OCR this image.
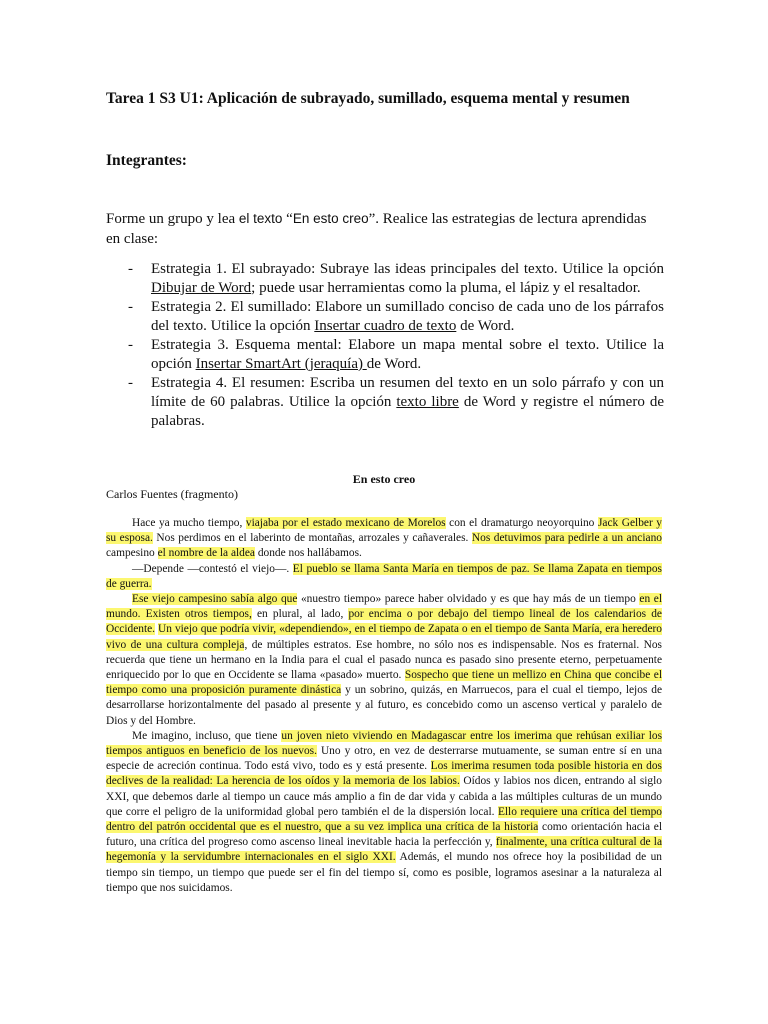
Tarea 1 S3 U1: Aplicación de subrayado, sumillado, esquema mental y resumen
Integrantes:

Forme un grupo y lea el texto “En esto creo”. Realice las estrategias de lectura aprendidas en clase:

- Estrategia 1. El subrayado: Subraye las ideas principales del texto. Utilice la opción Dibujar de Word; puede usar herramientas como la pluma, el lápiz y el resaltador.
- Estrategia 2. El sumillado: Elabore un sumillado conciso de cada uno de los párrafos del texto. Utilice la opción Insertar cuadro de texto de Word.
- Estrategia 3. Esquema mental: Elabore un mapa mental sobre el texto. Utilice la opción Insertar SmartArt (jeraquía) de Word.
- Estrategia 4. El resumen: Escriba un resumen del texto en un solo párrafo y con un límite de 60 palabras. Utilice la opción texto libre de Word y registre el número de palabras.
En esto creo

Carlos Fuentes (fragmento)

Hace ya mucho tiempo, viajaba por el estado mexicano de Morelos con el dramaturgo neoyorquino Jack Gelber y su esposa. Nos perdimos en el laberinto de montañas, arrozales y cañaverales. Nos detuvimos para pedirle a un anciano campesino el nombre de la aldea donde nos hallábamos.

—Depende —contestó el viejo—. El pueblo se llama Santa María en tiempos de paz. Se llama Zapata en tiempos de guerra.

Ese viejo campesino sabía algo que «nuestro tiempo» parece haber olvidado y es que hay más de un tiempo en el mundo. Existen otros tiempos, en plural, al lado, por encima o por debajo del tiempo lineal de los calendarios de Occidente. Un viejo que podría vivir, «dependiendo», en el tiempo de Zapata o en el tiempo de Santa María, era heredero vivo de una cultura compleja, de múltiples estratos. Ese hombre, no sólo nos es indispensable. Nos es fraternal. Nos recuerda que tiene un hermano en la India para el cual el pasado nunca es pasado sino presente eterno, perpetuamente enriquecido por lo que en Occidente se llama «pasado» muerto. Sospecho que tiene un mellizo en China que concibe el tiempo como una proposición puramente dinástica y un sobrino, quizás, en Marruecos, para el cual el tiempo, lejos de desarrollarse horizontalmente del pasado al presente y al futuro, es concebido como un ascenso vertical y paralelo de Dios y del Hombre.

Me imagino, incluso, que tiene un joven nieto viviendo en Madagascar entre los imerima que rehúsan exiliar los tiempos antiguos en beneficio de los nuevos. Uno y otro, en vez de desterrarse mutuamente, se suman entre sí en una especie de acreción continua. Todo está vivo, todo es y está presente. Los imerima resumen toda posible historia en dos declives de la realidad: La herencia de los oídos y la memoria de los labios. Oídos y labios nos dicen, entrando al siglo XXI, que debemos darle al tiempo un cauce más amplio a fin de dar vida y cabida a las múltiples culturas de un mundo que corre el peligro de la uniformidad global pero también el de la dispersión local. Ello requiere una crítica del tiempo dentro del patrón occidental que es el nuestro, que a su vez implica una crítica de la historia como orientación hacia el futuro, una crítica del progreso como ascenso lineal inevitable hacia la perfección y, finalmente, una crítica cultural de la hegemonía y la servidumbre internacionales en el siglo XXI. Además, el mundo nos ofrece hoy la posibilidad de un tiempo sin tiempo, un tiempo que puede ser el fin del tiempo sí, como es posible, logramos asesinar a la naturaleza al tiempo que nos suicidamos.
